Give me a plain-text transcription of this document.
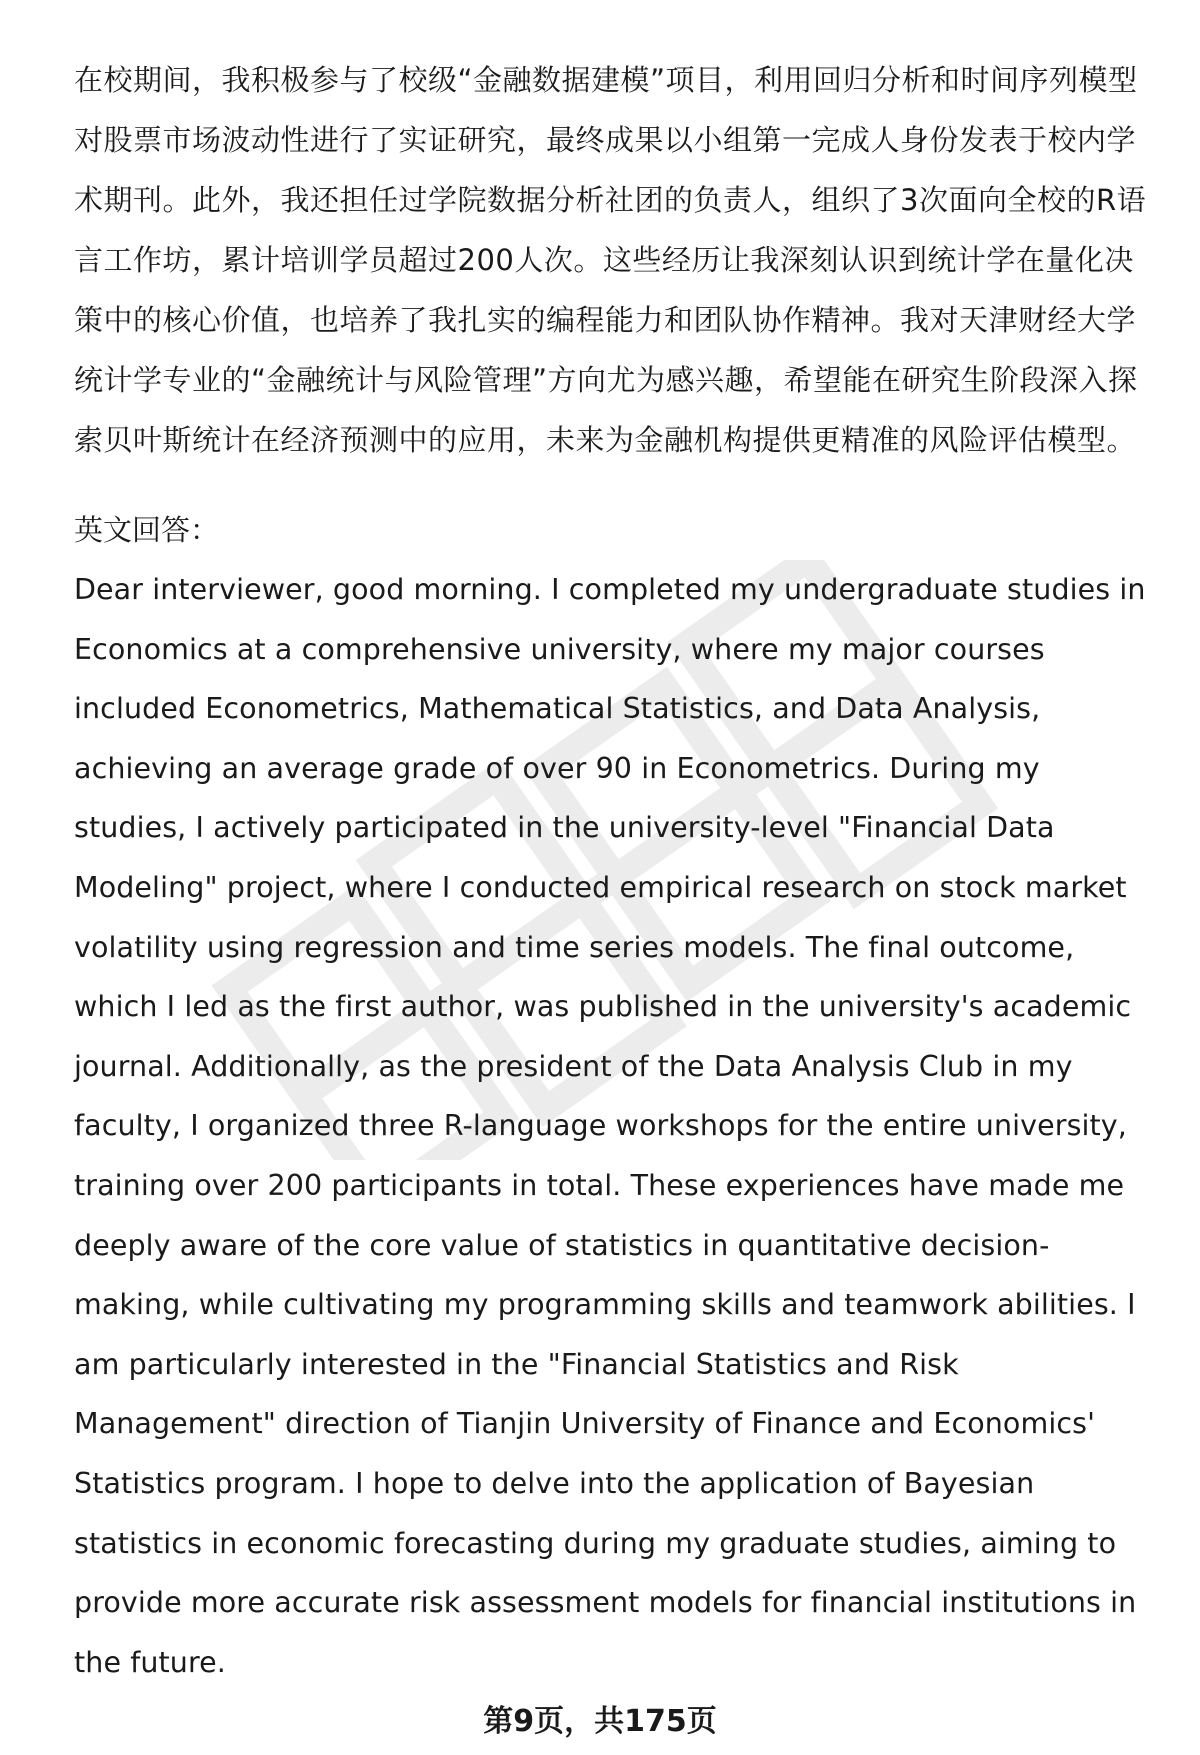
在校期间，我积极参与了校级“金融数据建模”项目，利用回归分析和时间序列模型对股票市场波动性进行了实证研究，最终成果以小组第一完成人身份发表于校内学术期刊。此外，我还担任过学院数据分析社团的负责人，组织了3次面向全校的R语言工作坊，累计培训学员超过200人次。这些经历让我深刻认识到统计学在量化决策中的核心价值，也培养了我扎实的编程能力和团队协作精神。我对天津财经大学统计学专业的“金融统计与风险管理”方向尤为感兴趣，希望能在研究生阶段深入探索贝叶斯统计在经济预测中的应用，未来为金融机构提供更精准的风险评估模型。

英文回答：

Dear interviewer, good morning. I completed my undergraduate studies in Economics at a comprehensive university, where my major courses included Econometrics, Mathematical Statistics, and Data Analysis, achieving an average grade of over 90 in Econometrics. During my studies, I actively participated in the university-level "Financial Data Modeling" project, where I conducted empirical research on stock market volatility using regression and time series models. The final outcome, which I led as the first author, was published in the university's academic journal. Additionally, as the president of the Data Analysis Club in my faculty, I organized three R-language workshops for the entire university, training over 200 participants in total. These experiences have made me deeply aware of the core value of statistics in quantitative decision-making, while cultivating my programming skills and teamwork abilities. I am particularly interested in the "Financial Statistics and Risk Management" direction of Tianjin University of Finance and Economics' Statistics program. I hope to delve into the application of Bayesian statistics in economic forecasting during my graduate studies, aiming to provide more accurate risk assessment models for financial institutions in the future.

第9页，共175页
